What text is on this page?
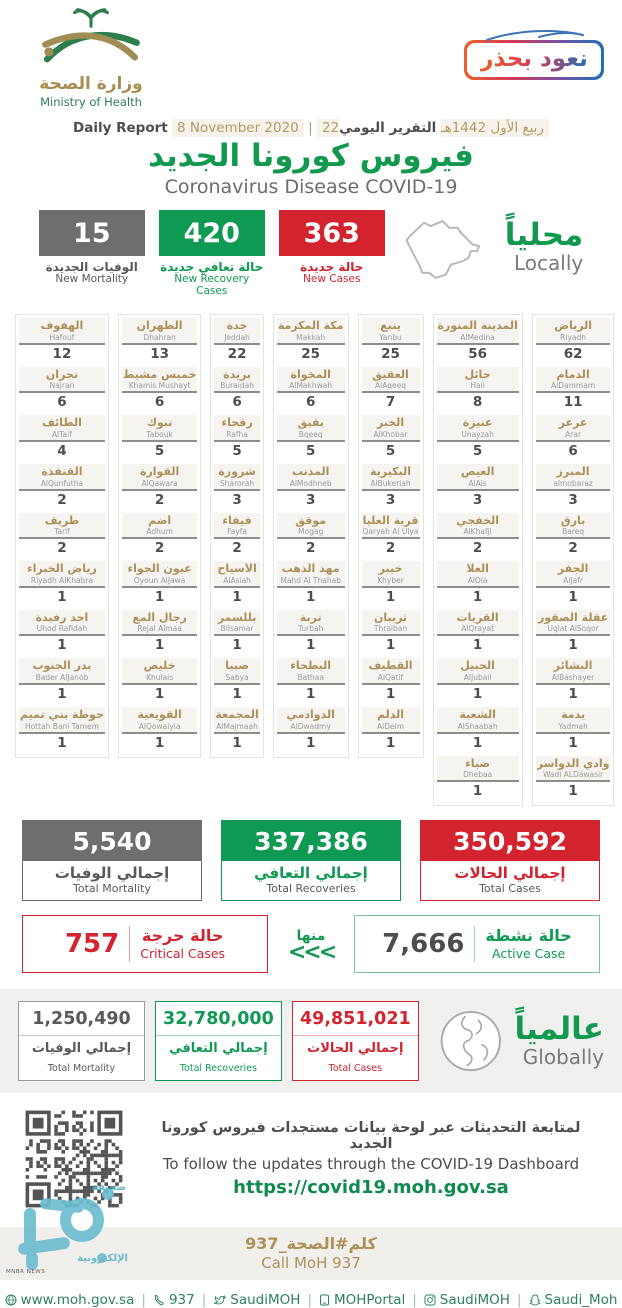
وزارة الصحة
Ministry of Health
نعود بحذر
Daily Report 8 November 2020 | 22ربيع الأول 1442هـ التقرير اليومي
فيروس كورونا الجديد
Coronavirus Disease COVID-19
15
الوفيات الجديدة
New Mortality
420
حالة تعافي جديدة
New Recovery Cases
363
حالة جديدة
New Cases
محلياً
Locally
الهفوف
Hafouf
12
نجران
Najran
6
الطائف
AlTaif
4
القنفذة
AlQunfutha
2
طريف
Tarif
2
رياض الخبراء
Riyadh AlKhabra
1
أحد رفيدة
Uhod Rafidah
1
بدر الجنوب
Bader AlJanob
1
حوطة بني تميم
Hottah Bani Tamem
1
الظهران
Dhahran
13
خميس مشيط
Khamis Mushayt
6
تبوك
Tabouk
5
القوارة
AlQawara
2
أضم
Adhum
2
عيون الجواء
Oyoun AlJawa
1
رجال ألمع
Rejal Almaa
1
خليص
Khulais
1
القويعية
AlQowaiyia
1
جدة
Jeddah
22
بريدة
Buraidah
6
رفحاء
Rafha
5
شرورة
Sharorah
3
فيفاء
Fayfa
2
الأسياح
AlAsiah
1
بللسمر
Bllsamar
1
صبيا
Sabya
1
المجمعة
AlMajmaah
1
مكة المكرمة
Makkah
25
المخواة
AlMakhwah
6
بقيق
Bqeeq
5
المذنب
AlModhneb
3
موقق
Mogag
2
مهد الذهب
Mahd Al Thahab
1
تربة
Turbah
1
البطحاء
Bathaa
1
الدوادمي
AlDwadmy
1
ينبع
Yanbu
25
العقيق
AlAqeeq
7
الخبر
AlKhobar
5
البكيرية
AlBukeriah
3
قرية العليا
Qaryah Al Ulya
2
خيبر
Khyber
1
ثريبان
Thraiban
1
القطيف
AlQatif
1
الدلم
AlDelm
1
المدينة المنورة
AlMedina
56
حائل
Hail
8
عنيزة
Unayzah
5
العيص
AlAis
3
الخفجي
AlKhafji
2
العلا
AlOla
1
القريات
AlQrayat
1
الجبيل
AlJubail
1
الشعبة
AlShaabah
1
ضباء
Dhebaa
1
الرياض
Riyadh
62
الدمام
AlDammam
11
عرعر
Arar
6
المبرز
almobaraz
3
بارق
Bareq
2
الجفر
AlJafr
1
عقلة الصقور
Uqlat AlSoqor
1
البشائر
AlBashayer
1
يدمة
Yadmah
1
وادي الدواسر
Wadi ALDawasir
1
5,540
إجمالي الوفيات
Total Mortality
337,386
إجمالي التعافي
Total Recoveries
350,592
إجمالي الحالات
Total Cases
757 حالة حرجة
Critical Cases
منها
<<< 7,666 حالة نشطة
Active Case
1,250,490
إجمالي الوفيات
Total Mortality
32,780,000
إجمالي التعافي
Total Recoveries
49,851,021
إجمالي الحالات
Total Cases
عالمياً
Globally
لمتابعة التحديثات عبر لوحة بيانات مستجدات فيروس كورونا الجديد
To follow the updates through the COVID-19 Dashboard
https://covid19.moh.gov.sa
كلم#الصحة_937
Call MoH 937
www.moh.gov.sa | 937 | SaudiMOH | MOHPortal | SaudiMOH | Saudi_Moh
صحيفة
الإلكترونية
MNBR NEWS
